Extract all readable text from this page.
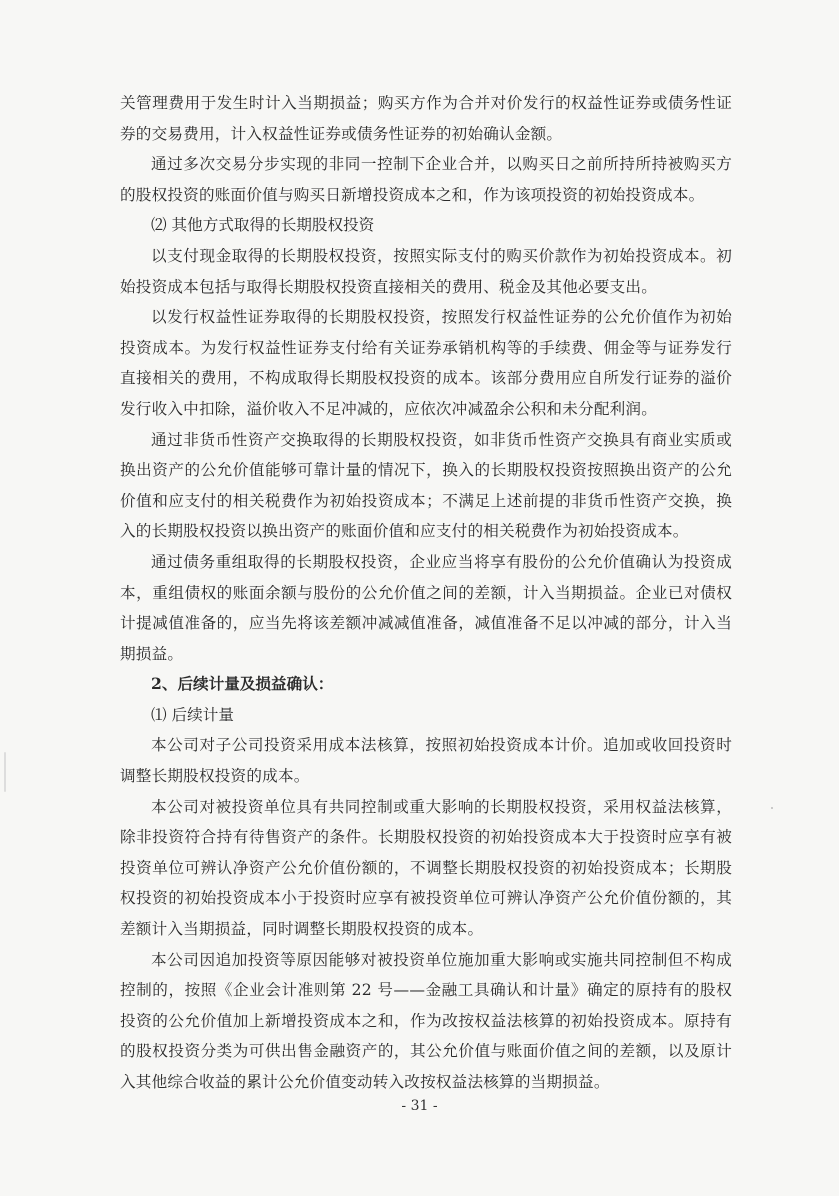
关管理费用于发生时计入当期损益；购买方作为合并对价发行的权益性证券或债务性证券的交易费用，计入权益性证券或债务性证券的初始确认金额。

通过多次交易分步实现的非同一控制下企业合并，以购买日之前所持所持被购买方的股权投资的账面价值与购买日新增投资成本之和，作为该项投资的初始投资成本。

⑵ 其他方式取得的长期股权投资

以支付现金取得的长期股权投资，按照实际支付的购买价款作为初始投资成本。初始投资成本包括与取得长期股权投资直接相关的费用、税金及其他必要支出。

以发行权益性证券取得的长期股权投资，按照发行权益性证券的公允价值作为初始投资成本。为发行权益性证券支付给有关证券承销机构等的手续费、佣金等与证券发行直接相关的费用，不构成取得长期股权投资的成本。该部分费用应自所发行证券的溢价发行收入中扣除，溢价收入不足冲减的，应依次冲减盈余公积和未分配利润。

通过非货币性资产交换取得的长期股权投资，如非货币性资产交换具有商业实质或换出资产的公允价值能够可靠计量的情况下，换入的长期股权投资按照换出资产的公允价值和应支付的相关税费作为初始投资成本；不满足上述前提的非货币性资产交换，换入的长期股权投资以换出资产的账面价值和应支付的相关税费作为初始投资成本。

通过债务重组取得的长期股权投资，企业应当将享有股份的公允价值确认为投资成本，重组债权的账面余额与股份的公允价值之间的差额，计入当期损益。企业已对债权计提减值准备的，应当先将该差额冲减减值准备，减值准备不足以冲减的部分，计入当期损益。

2、后续计量及损益确认：

⑴ 后续计量

本公司对子公司投资采用成本法核算，按照初始投资成本计价。追加或收回投资时调整长期股权投资的成本。

本公司对被投资单位具有共同控制或重大影响的长期股权投资，采用权益法核算，除非投资符合持有待售资产的条件。长期股权投资的初始投资成本大于投资时应享有被投资单位可辨认净资产公允价值份额的，不调整长期股权投资的初始投资成本；长期股权投资的初始投资成本小于投资时应享有被投资单位可辨认净资产公允价值份额的，其差额计入当期损益，同时调整长期股权投资的成本。

本公司因追加投资等原因能够对被投资单位施加重大影响或实施共同控制但不构成控制的，按照《企业会计准则第 22 号——金融工具确认和计量》确定的原持有的股权投资的公允价值加上新增投资成本之和，作为改按权益法核算的初始投资成本。原持有的股权投资分类为可供出售金融资产的，其公允价值与账面价值之间的差额，以及原计入其他综合收益的累计公允价值变动转入改按权益法核算的当期损益。

- 31 -
